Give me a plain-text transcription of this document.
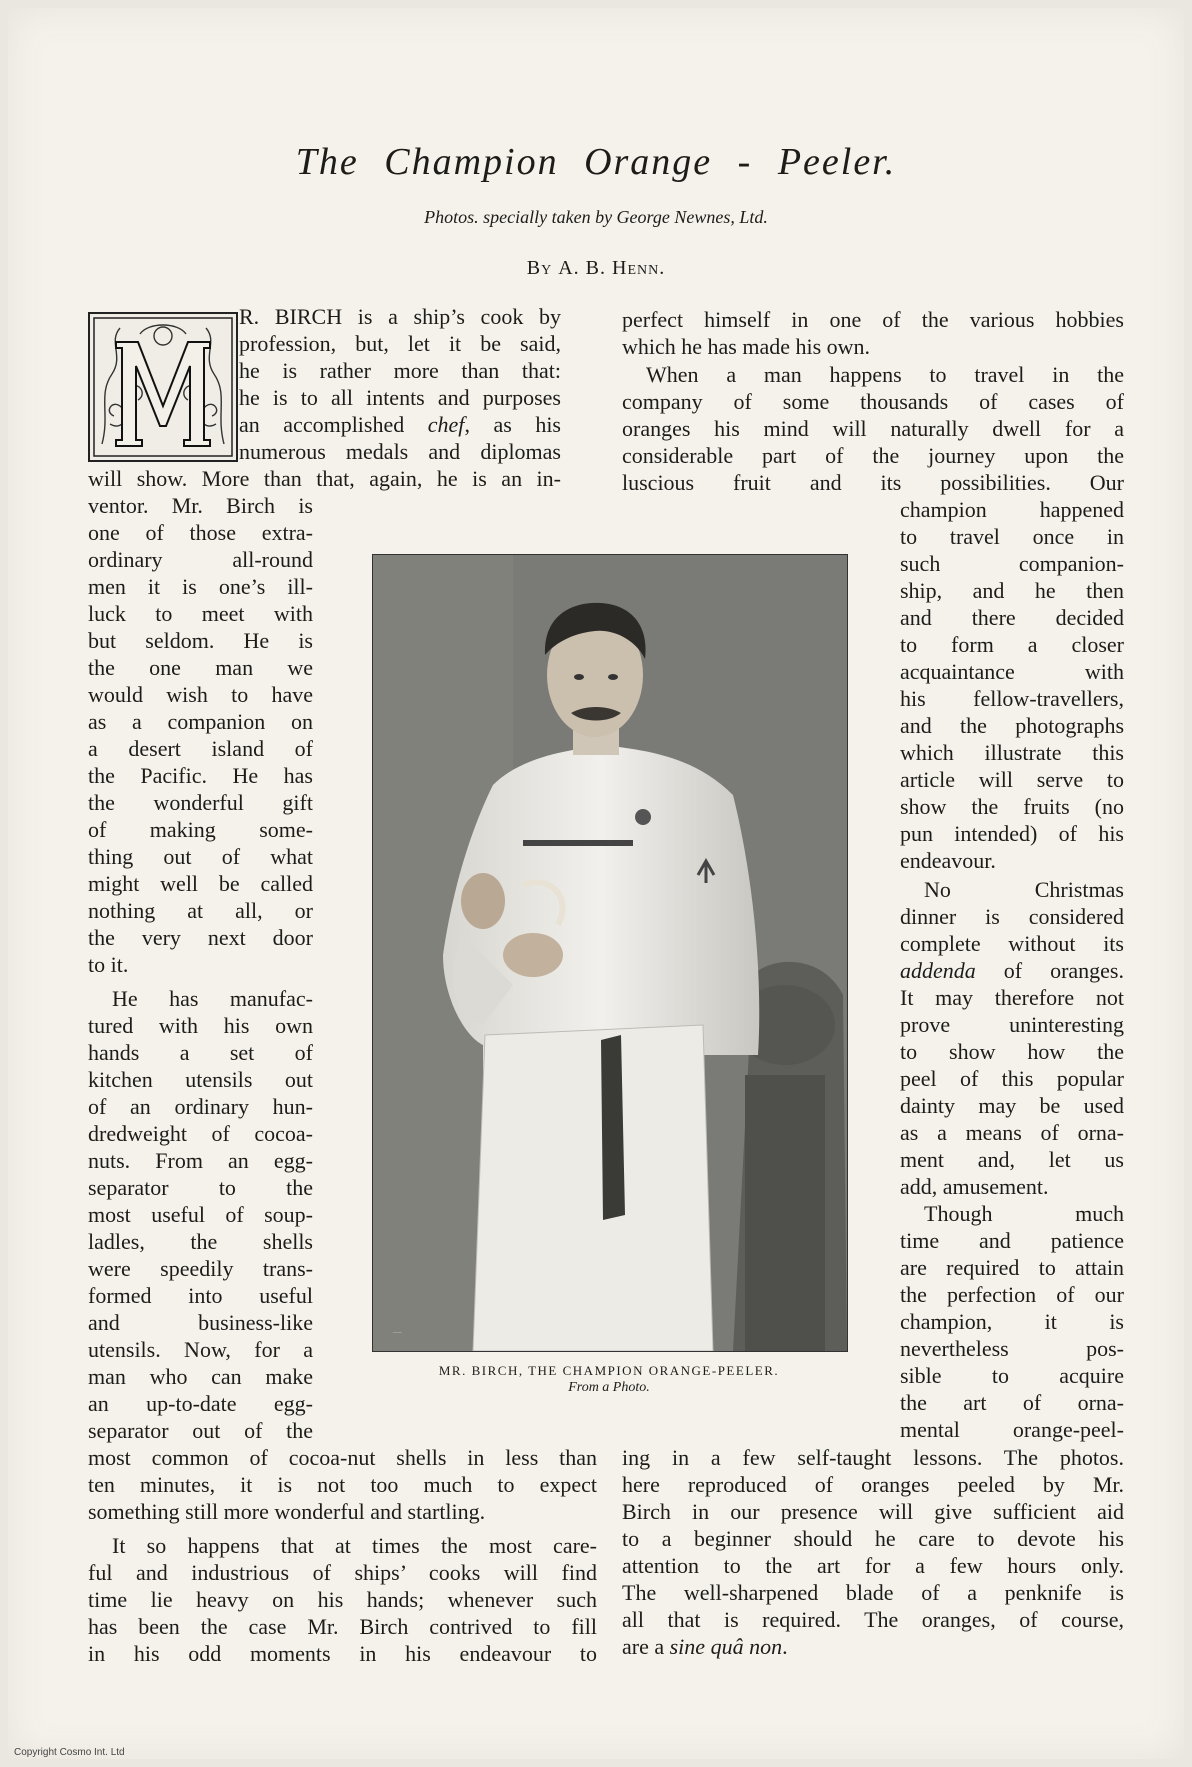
The Champion Orange - Peeler.
Photos. specially taken by George Newnes, Ltd.
By A. B. Henn.
R. BIRCH is a ship’s cook by
profession, but, let it be said,
he is rather more than that:
he is to all intents and purposes
an accomplished chef, as his
numerous medals and diplomas
will show. More than that, again, he is an in-
ventor. Mr. Birch is
one of those extra-
ordinary all-round
men it is one’s ill-
luck to meet with
but seldom. He is
the one man we
would wish to have
as a companion on
a desert island of
the Pacific. He has
the wonderful gift
of making some-
thing out of what
might well be called
nothing at all, or
the very next door
to it.
He has manufac-
tured with his own
hands a set of
kitchen utensils out
of an ordinary hun-
dredweight of cocoa-
nuts. From an egg-
separator to the
most useful of soup-
ladles, the shells
were speedily trans-
formed into useful
and business-like
utensils. Now, for a
man who can make
an up-to-date egg-
separator out of the
most common of cocoa-nut shells in less than
ten minutes, it is not too much to expect
something still more wonderful and startling.
It so happens that at times the most care-
ful and industrious of ships’ cooks will find
time lie heavy on his hands; whenever such
has been the case Mr. Birch contrived to fill
in his odd moments in his endeavour to
perfect himself in one of the various hobbies
which he has made his own.
When a man happens to travel in the
company of some thousands of cases of
oranges his mind will naturally dwell for a
considerable part of the journey upon the
luscious fruit and its possibilities. Our
champion happened
to travel once in
such companion-
ship, and he then
and there decided
to form a closer
acquaintance with
his fellow-travellers,
and the photographs
which illustrate this
article will serve to
show the fruits (no
pun intended) of his
endeavour.
No Christmas
dinner is considered
complete without its
addenda of oranges.
It may therefore not
prove uninteresting
to show how the
peel of this popular
dainty may be used
as a means of orna-
ment and, let us
add, amusement.
Though much
time and patience
are required to attain
the perfection of our
champion, it is
nevertheless pos-
sible to acquire
the art of orna-
mental orange-peel-
ing in a few self-taught lessons. The photos.
here reproduced of oranges peeled by Mr.
Birch in our presence will give sufficient aid
to a beginner should he care to devote his
attention to the art for a few hours only.
The well-sharpened blade of a penknife is
all that is required. The oranges, of course,
are a sine quâ non.
—
MR. BIRCH, THE CHAMPION ORANGE-PEELER.
From a Photo.
Copyright Cosmo Int. Ltd
